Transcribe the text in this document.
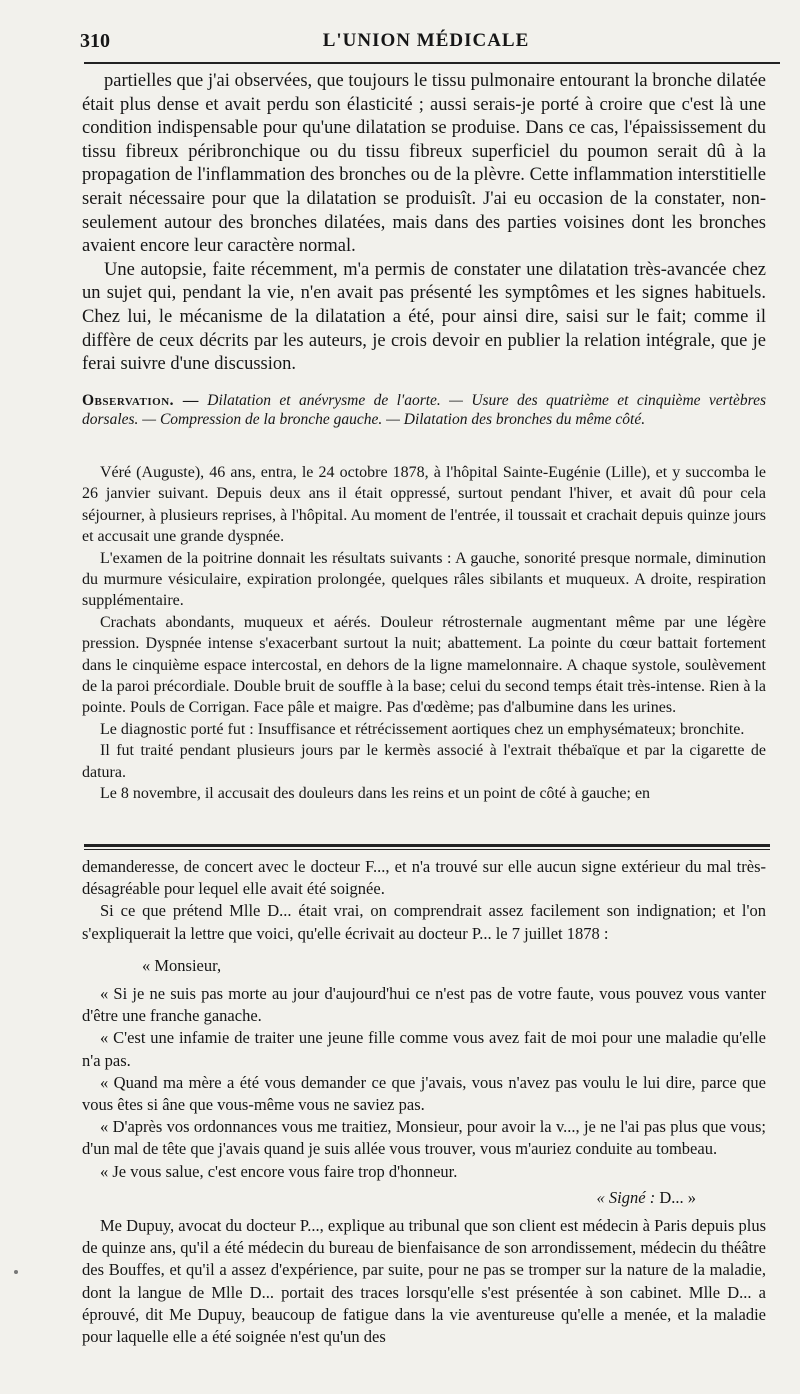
310	L'UNION MÉDICALE

partielles que j'ai observées, que toujours le tissu pulmonaire entourant la bronche dilatée était plus dense et avait perdu son élasticité ; aussi serais-je porté à croire que c'est là une condition indispensable pour qu'une dilatation se produise. Dans ce cas, l'épaississement du tissu fibreux péribronchique ou du tissu fibreux superficiel du poumon serait dû à la propagation de l'inflammation des bronches ou de la plèvre. Cette inflammation interstitielle serait nécessaire pour que la dilatation se produisît. J'ai eu occasion de la constater, non-seulement autour des bronches dilatées, mais dans des parties voisines dont les bronches avaient encore leur caractère normal.

Une autopsie, faite récemment, m'a permis de constater une dilatation très-avancée chez un sujet qui, pendant la vie, n'en avait pas présenté les symptômes et les signes habituels. Chez lui, le mécanisme de la dilatation a été, pour ainsi dire, saisi sur le fait; comme il diffère de ceux décrits par les auteurs, je crois devoir en publier la relation intégrale, que je ferai suivre d'une discussion.

Observation. — Dilatation et anévrysme de l'aorte. — Usure des quatrième et cinquième vertèbres dorsales. — Compression de la bronche gauche. — Dilatation des bronches du même côté.

Véré (Auguste), 46 ans, entra, le 24 octobre 1878, à l'hôpital Sainte-Eugénie (Lille), et y succomba le 26 janvier suivant. Depuis deux ans il était oppressé, surtout pendant l'hiver, et avait dû pour cela séjourner, à plusieurs reprises, à l'hôpital. Au moment de l'entrée, il toussait et crachait depuis quinze jours et accusait une grande dyspnée.

L'examen de la poitrine donnait les résultats suivants : A gauche, sonorité presque normale, diminution du murmure vésiculaire, expiration prolongée, quelques râles sibilants et muqueux. A droite, respiration supplémentaire.

Crachats abondants, muqueux et aérés. Douleur rétrosternale augmentant même par une légère pression. Dyspnée intense s'exacerbant surtout la nuit; abattement. La pointe du cœur battait fortement dans le cinquième espace intercostal, en dehors de la ligne mamelonnaire. A chaque systole, soulèvement de la paroi précordiale. Double bruit de souffle à la base; celui du second temps était très-intense. Rien à la pointe. Pouls de Corrigan. Face pâle et maigre. Pas d'œdème; pas d'albumine dans les urines.

Le diagnostic porté fut : Insuffisance et rétrécissement aortiques chez un emphysémateux; bronchite.

Il fut traité pendant plusieurs jours par le kermès associé à l'extrait thébaïque et par la cigarette de datura.

Le 8 novembre, il accusait des douleurs dans les reins et un point de côté à gauche; en

demanderesse, de concert avec le docteur F..., et n'a trouvé sur elle aucun signe extérieur du mal très-désagréable pour lequel elle avait été soignée.

Si ce que prétend Mlle D... était vrai, on comprendrait assez facilement son indignation; et l'on s'expliquerait la lettre que voici, qu'elle écrivait au docteur P... le 7 juillet 1878 :

« Monsieur,

« Si je ne suis pas morte au jour d'aujourd'hui ce n'est pas de votre faute, vous pouvez vous vanter d'être une franche ganache.

« C'est une infamie de traiter une jeune fille comme vous avez fait de moi pour une maladie qu'elle n'a pas.

« Quand ma mère a été vous demander ce que j'avais, vous n'avez pas voulu le lui dire, parce que vous êtes si âne que vous-même vous ne saviez pas.

« D'après vos ordonnances vous me traitiez, Monsieur, pour avoir la v..., je ne l'ai pas plus que vous; d'un mal de tête que j'avais quand je suis allée vous trouver, vous m'auriez conduite au tombeau.

« Je vous salue, c'est encore vous faire trop d'honneur.

« Signé : D... »

Me Dupuy, avocat du docteur P..., explique au tribunal que son client est médecin à Paris depuis plus de quinze ans, qu'il a été médecin du bureau de bienfaisance de son arrondissement, médecin du théâtre des Bouffes, et qu'il a assez d'expérience, par suite, pour ne pas se tromper sur la nature de la maladie, dont la langue de Mlle D... portait des traces lorsqu'elle s'est présentée à son cabinet. Mlle D... a éprouvé, dit Me Dupuy, beaucoup de fatigue dans la vie aventureuse qu'elle a menée, et la maladie pour laquelle elle a été soignée n'est qu'un des
